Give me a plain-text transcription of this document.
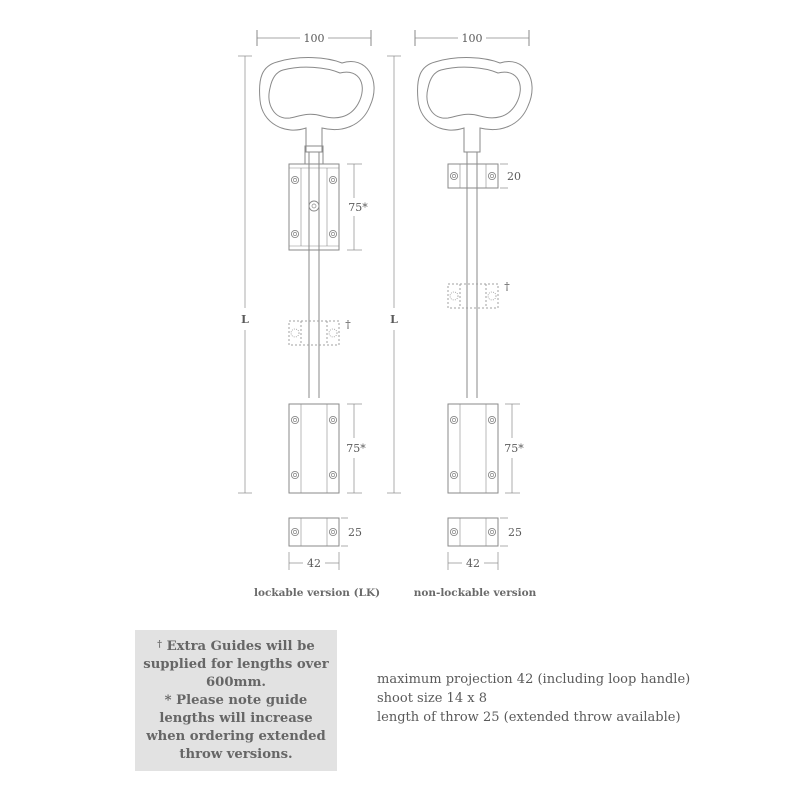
100
L
75*
†
75*
25
42
lockable version (LK)
100
L
20
†
75*
25
42
non-lockable version

† Extra Guides will be supplied for lengths over 600mm.

* Please note guide lengths will increase when ordering extended throw versions.

maximum projection 42 (including loop handle)
shoot size 14 x 8
length of throw 25 (extended throw available)
